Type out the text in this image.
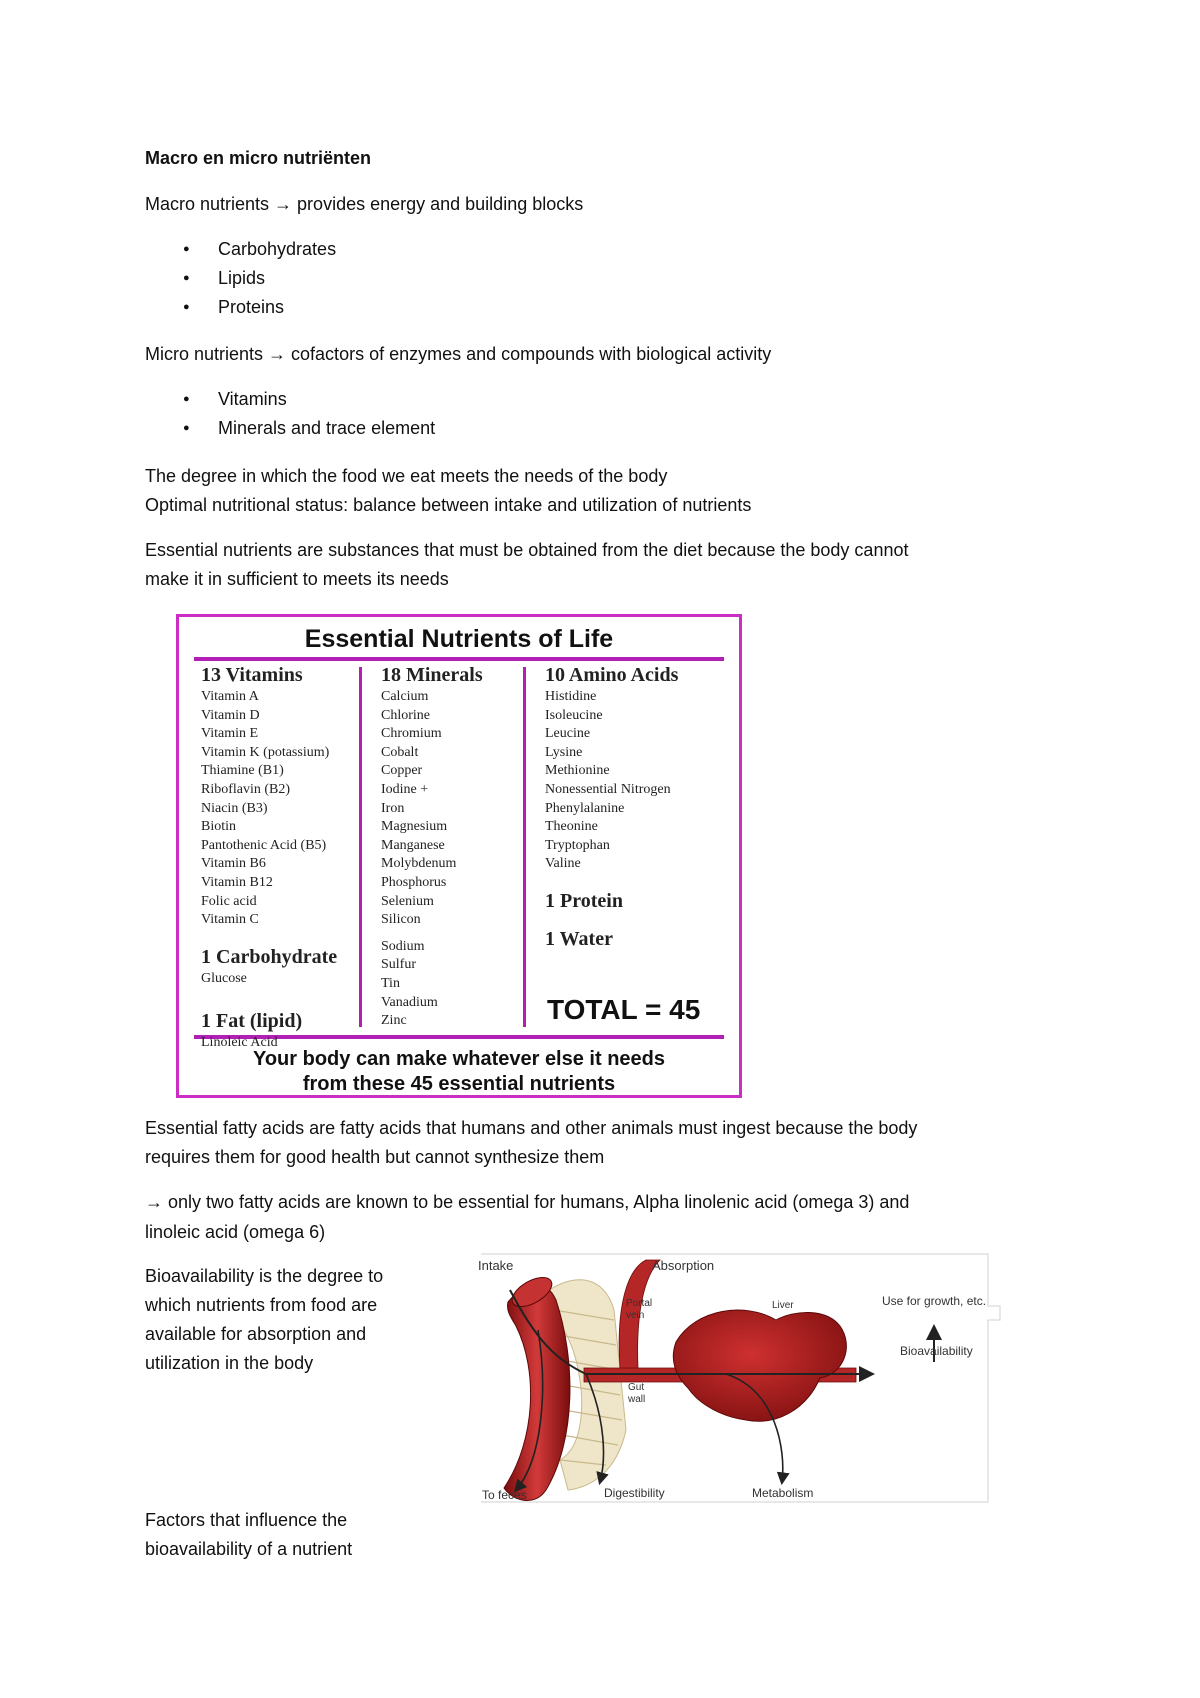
Macro en micro nutriënten
Macro nutrients → provides energy and building blocks
● Carbohydrates
● Lipids
● Proteins
Micro nutrients → cofactors of enzymes and compounds with biological activity
● Vitamins
● Minerals and trace element
The degree in which the food we eat meets the needs of the body
Optimal nutritional status: balance between intake and utilization of nutrients
Essential nutrients are substances that must be obtained from the diet because the body cannot
make it in sufficient to meets its needs
Essential Nutrients of Life
13 Vitamins
Vitamin A
Vitamin D
Vitamin E
Vitamin K (potassium)
Thiamine (B1)
Riboflavin (B2)
Niacin (B3)
Biotin
Pantothenic Acid (B5)
Vitamin B6
Vitamin B12
Folic acid
Vitamin C
1 Carbohydrate
Glucose
1 Fat (lipid)
Linoleic Acid
18 Minerals
Calcium
Chlorine
Chromium
Cobalt
Copper
Iodine +
Iron
Magnesium
Manganese
Molybdenum
Phosphorus
Selenium
Silicon
Sodium
Sulfur
Tin
Vanadium
Zinc
10 Amino Acids
Histidine
Isoleucine
Leucine
Lysine
Methionine
Nonessential Nitrogen
Phenylalanine
Theonine
Tryptophan
Valine
1 Protein
1 Water
TOTAL = 45
Your body can make whatever else it needs
from these 45 essential nutrients
Essential fatty acids are fatty acids that humans and other animals must ingest because the body
requires them for good health but cannot synthesize them
→ only two fatty acids are known to be essential for humans, Alpha linolenic acid (omega 3) and
linoleic acid (omega 6)
Bioavailability is the degree to
which nutrients from food are
available for absorption and
utilization in the body
Factors that influence the
bioavailability of a nutrient
Intake	Absorption
Portal
vein
Liver	Use for growth, etc.
Bioavailability
Gut
wall
To feces	Digestibility	Metabolism
